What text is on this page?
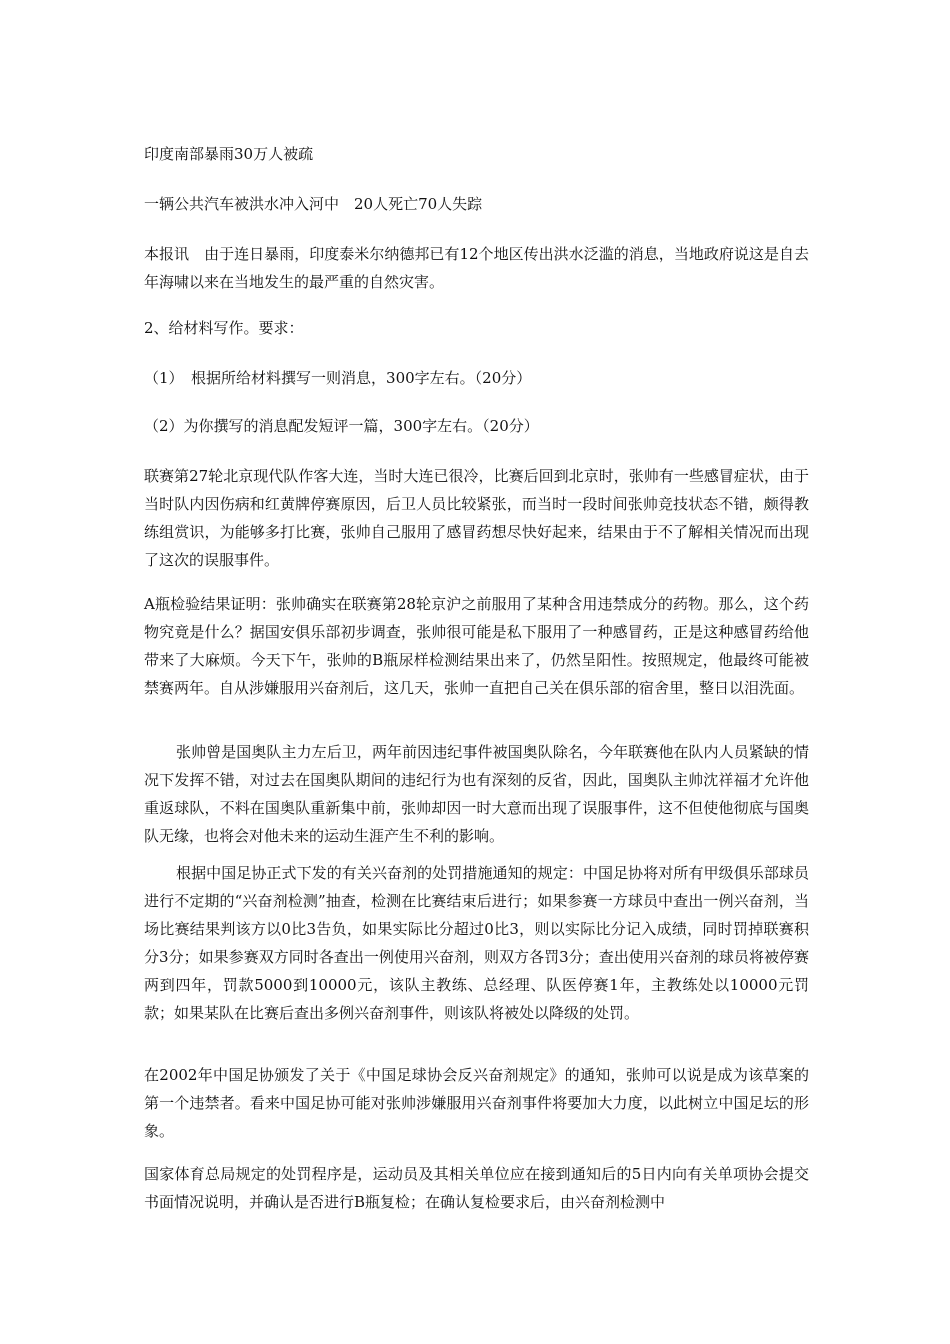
印度南部暴雨30万人被疏

一辆公共汽车被洪水冲入河中　20人死亡70人失踪

本报讯　由于连日暴雨，印度泰米尔纳德邦已有12个地区传出洪水泛滥的消息，当地政府说这是自去年海啸以来在当地发生的最严重的自然灾害。

2、给材料写作。要求：

（1）　根据所给材料撰写一则消息，300字左右。（20分）

（2）为你撰写的消息配发短评一篇，300字左右。（20分）

联赛第27轮北京现代队作客大连，当时大连已很冷，比赛后回到北京时，张帅有一些感冒症状，由于当时队内因伤病和红黄牌停赛原因，后卫人员比较紧张，而当时一段时间张帅竞技状态不错，颇得教练组赏识，为能够多打比赛，张帅自己服用了感冒药想尽快好起来，结果由于不了解相关情况而出现了这次的误服事件。

A瓶检验结果证明：张帅确实在联赛第28轮京沪之前服用了某种含用违禁成分的药物。那么，这个药物究竟是什么？据国安俱乐部初步调查，张帅很可能是私下服用了一种感冒药，正是这种感冒药给他带来了大麻烦。今天下午，张帅的B瓶尿样检测结果出来了，仍然呈阳性。按照规定，他最终可能被禁赛两年。自从涉嫌服用兴奋剂后，这几天，张帅一直把自己关在俱乐部的宿舍里，整日以泪洗面。

张帅曾是国奥队主力左后卫，两年前因违纪事件被国奥队除名，今年联赛他在队内人员紧缺的情况下发挥不错，对过去在国奥队期间的违纪行为也有深刻的反省，因此，国奥队主帅沈祥福才允许他重返球队，不料在国奥队重新集中前，张帅却因一时大意而出现了误服事件，这不但使他彻底与国奥队无缘，也将会对他未来的运动生涯产生不利的影响。

根据中国足协正式下发的有关兴奋剂的处罚措施通知的规定：中国足协将对所有甲级俱乐部球员进行不定期的“兴奋剂检测”抽查，检测在比赛结束后进行；如果参赛一方球员中查出一例兴奋剂，当场比赛结果判该方以0比3告负，如果实际比分超过0比3，则以实际比分记入成绩，同时罚掉联赛积分3分；如果参赛双方同时各查出一例使用兴奋剂，则双方各罚3分；查出使用兴奋剂的球员将被停赛两到四年，罚款5000到10000元，该队主教练、总经理、队医停赛1年，主教练处以10000元罚款；如果某队在比赛后查出多例兴奋剂事件，则该队将被处以降级的处罚。

在2002年中国足协颁发了关于《中国足球协会反兴奋剂规定》的通知，张帅可以说是成为该草案的第一个违禁者。看来中国足协可能对张帅涉嫌服用兴奋剂事件将要加大力度，以此树立中国足坛的形象。

国家体育总局规定的处罚程序是，运动员及其相关单位应在接到通知后的5日内向有关单项协会提交书面情况说明，并确认是否进行B瓶复检；在确认复检要求后，由兴奋剂检测中
